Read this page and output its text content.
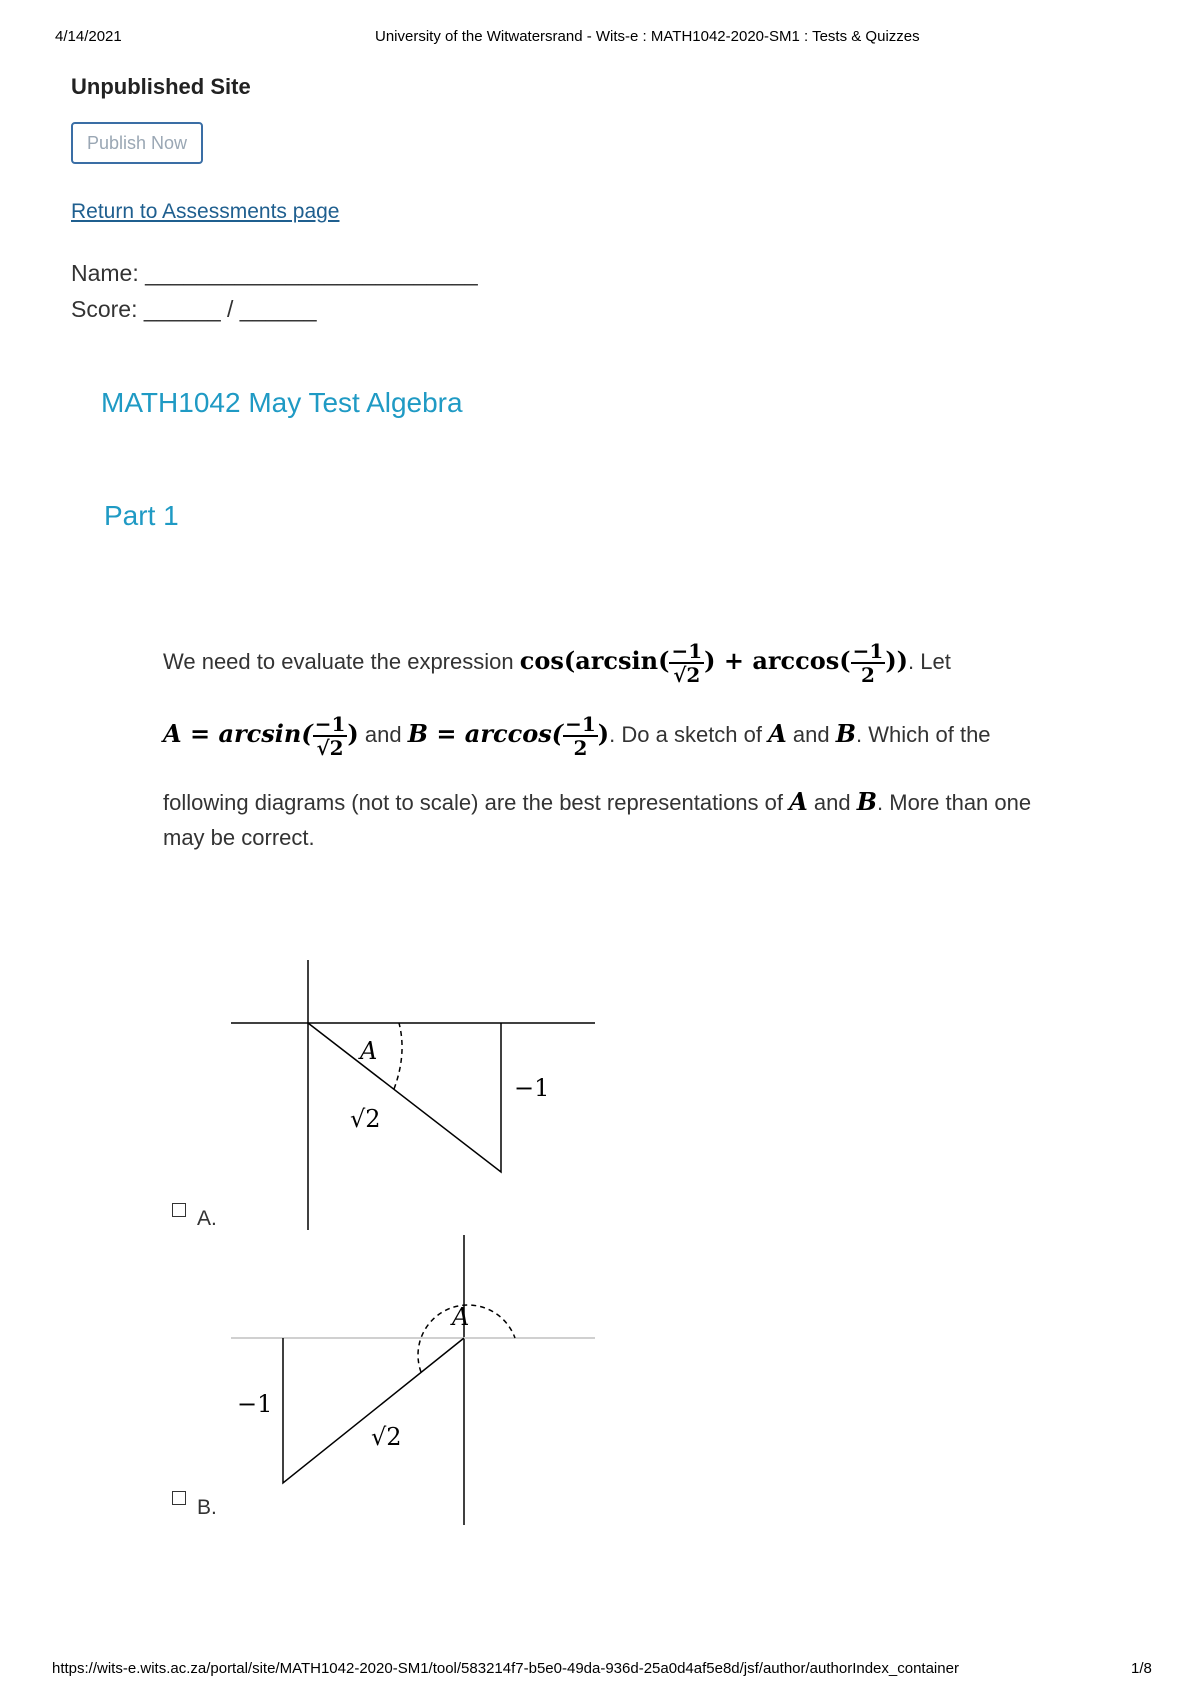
4/14/2021	University of the Witwatersrand - Wits-e : MATH1042-2020-SM1 : Tests & Quizzes
Unpublished Site
Publish Now
Return to Assessments page
Name: __________________________
Score: ______ / ______
MATH1042 May Test Algebra
Part 1
We need to evaluate the expression $\cos(\arcsin( \frac{-1}{√2}$ ) + $\arccos( \frac{-1}{2}$ )). Let
$A = \arcsin( \frac{-1}{√2}$ ) and $B = \arccos( \frac{-1}{2}$ ). Do a sketch of A and B. Which of the
following diagrams (not to scale) are the best representations of A and B. More than one
may be correct.
A
√2
−1
A.
A
√2
−1
B.
https://wits-e.wits.ac.za/portal/site/MATH1042-2020-SM1/tool/583214f7-b5e0-49da-936d-25a0d4af5e8d/jsf/author/authorIndex_container	1/8
